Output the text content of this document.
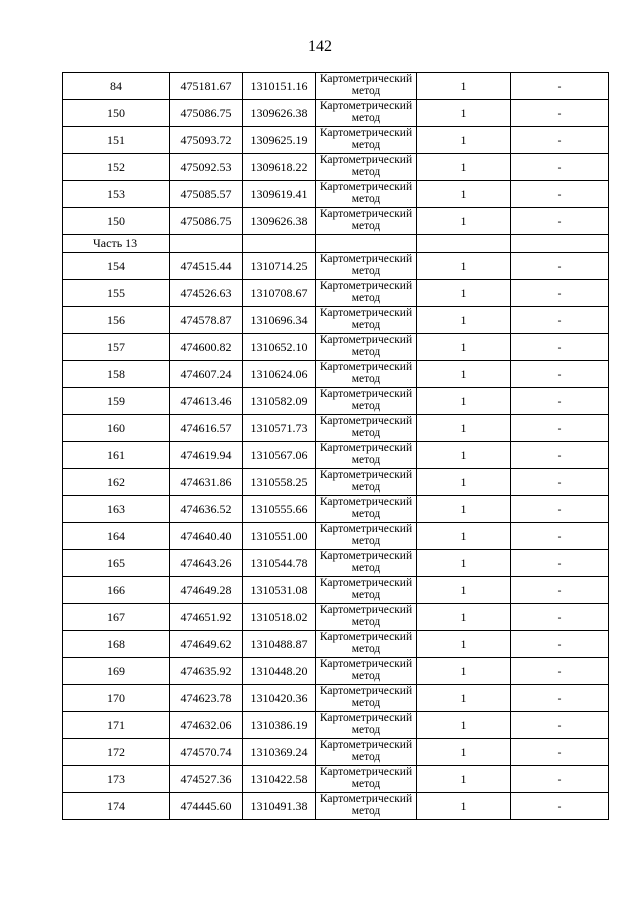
142
84	475181.67	1310151.16	Картометрический метод	1	-
150	475086.75	1309626.38	Картометрический метод	1	-
151	475093.72	1309625.19	Картометрический метод	1	-
152	475092.53	1309618.22	Картометрический метод	1	-
153	475085.57	1309619.41	Картометрический метод	1	-
150	475086.75	1309626.38	Картометрический метод	1	-
Часть 13					
154	474515.44	1310714.25	Картометрический метод	1	-
155	474526.63	1310708.67	Картометрический метод	1	-
156	474578.87	1310696.34	Картометрический метод	1	-
157	474600.82	1310652.10	Картометрический метод	1	-
158	474607.24	1310624.06	Картометрический метод	1	-
159	474613.46	1310582.09	Картометрический метод	1	-
160	474616.57	1310571.73	Картометрический метод	1	-
161	474619.94	1310567.06	Картометрический метод	1	-
162	474631.86	1310558.25	Картометрический метод	1	-
163	474636.52	1310555.66	Картометрический метод	1	-
164	474640.40	1310551.00	Картометрический метод	1	-
165	474643.26	1310544.78	Картометрический метод	1	-
166	474649.28	1310531.08	Картометрический метод	1	-
167	474651.92	1310518.02	Картометрический метод	1	-
168	474649.62	1310488.87	Картометрический метод	1	-
169	474635.92	1310448.20	Картометрический метод	1	-
170	474623.78	1310420.36	Картометрический метод	1	-
171	474632.06	1310386.19	Картометрический метод	1	-
172	474570.74	1310369.24	Картометрический метод	1	-
173	474527.36	1310422.58	Картометрический метод	1	-
174	474445.60	1310491.38	Картометрический метод	1	-
